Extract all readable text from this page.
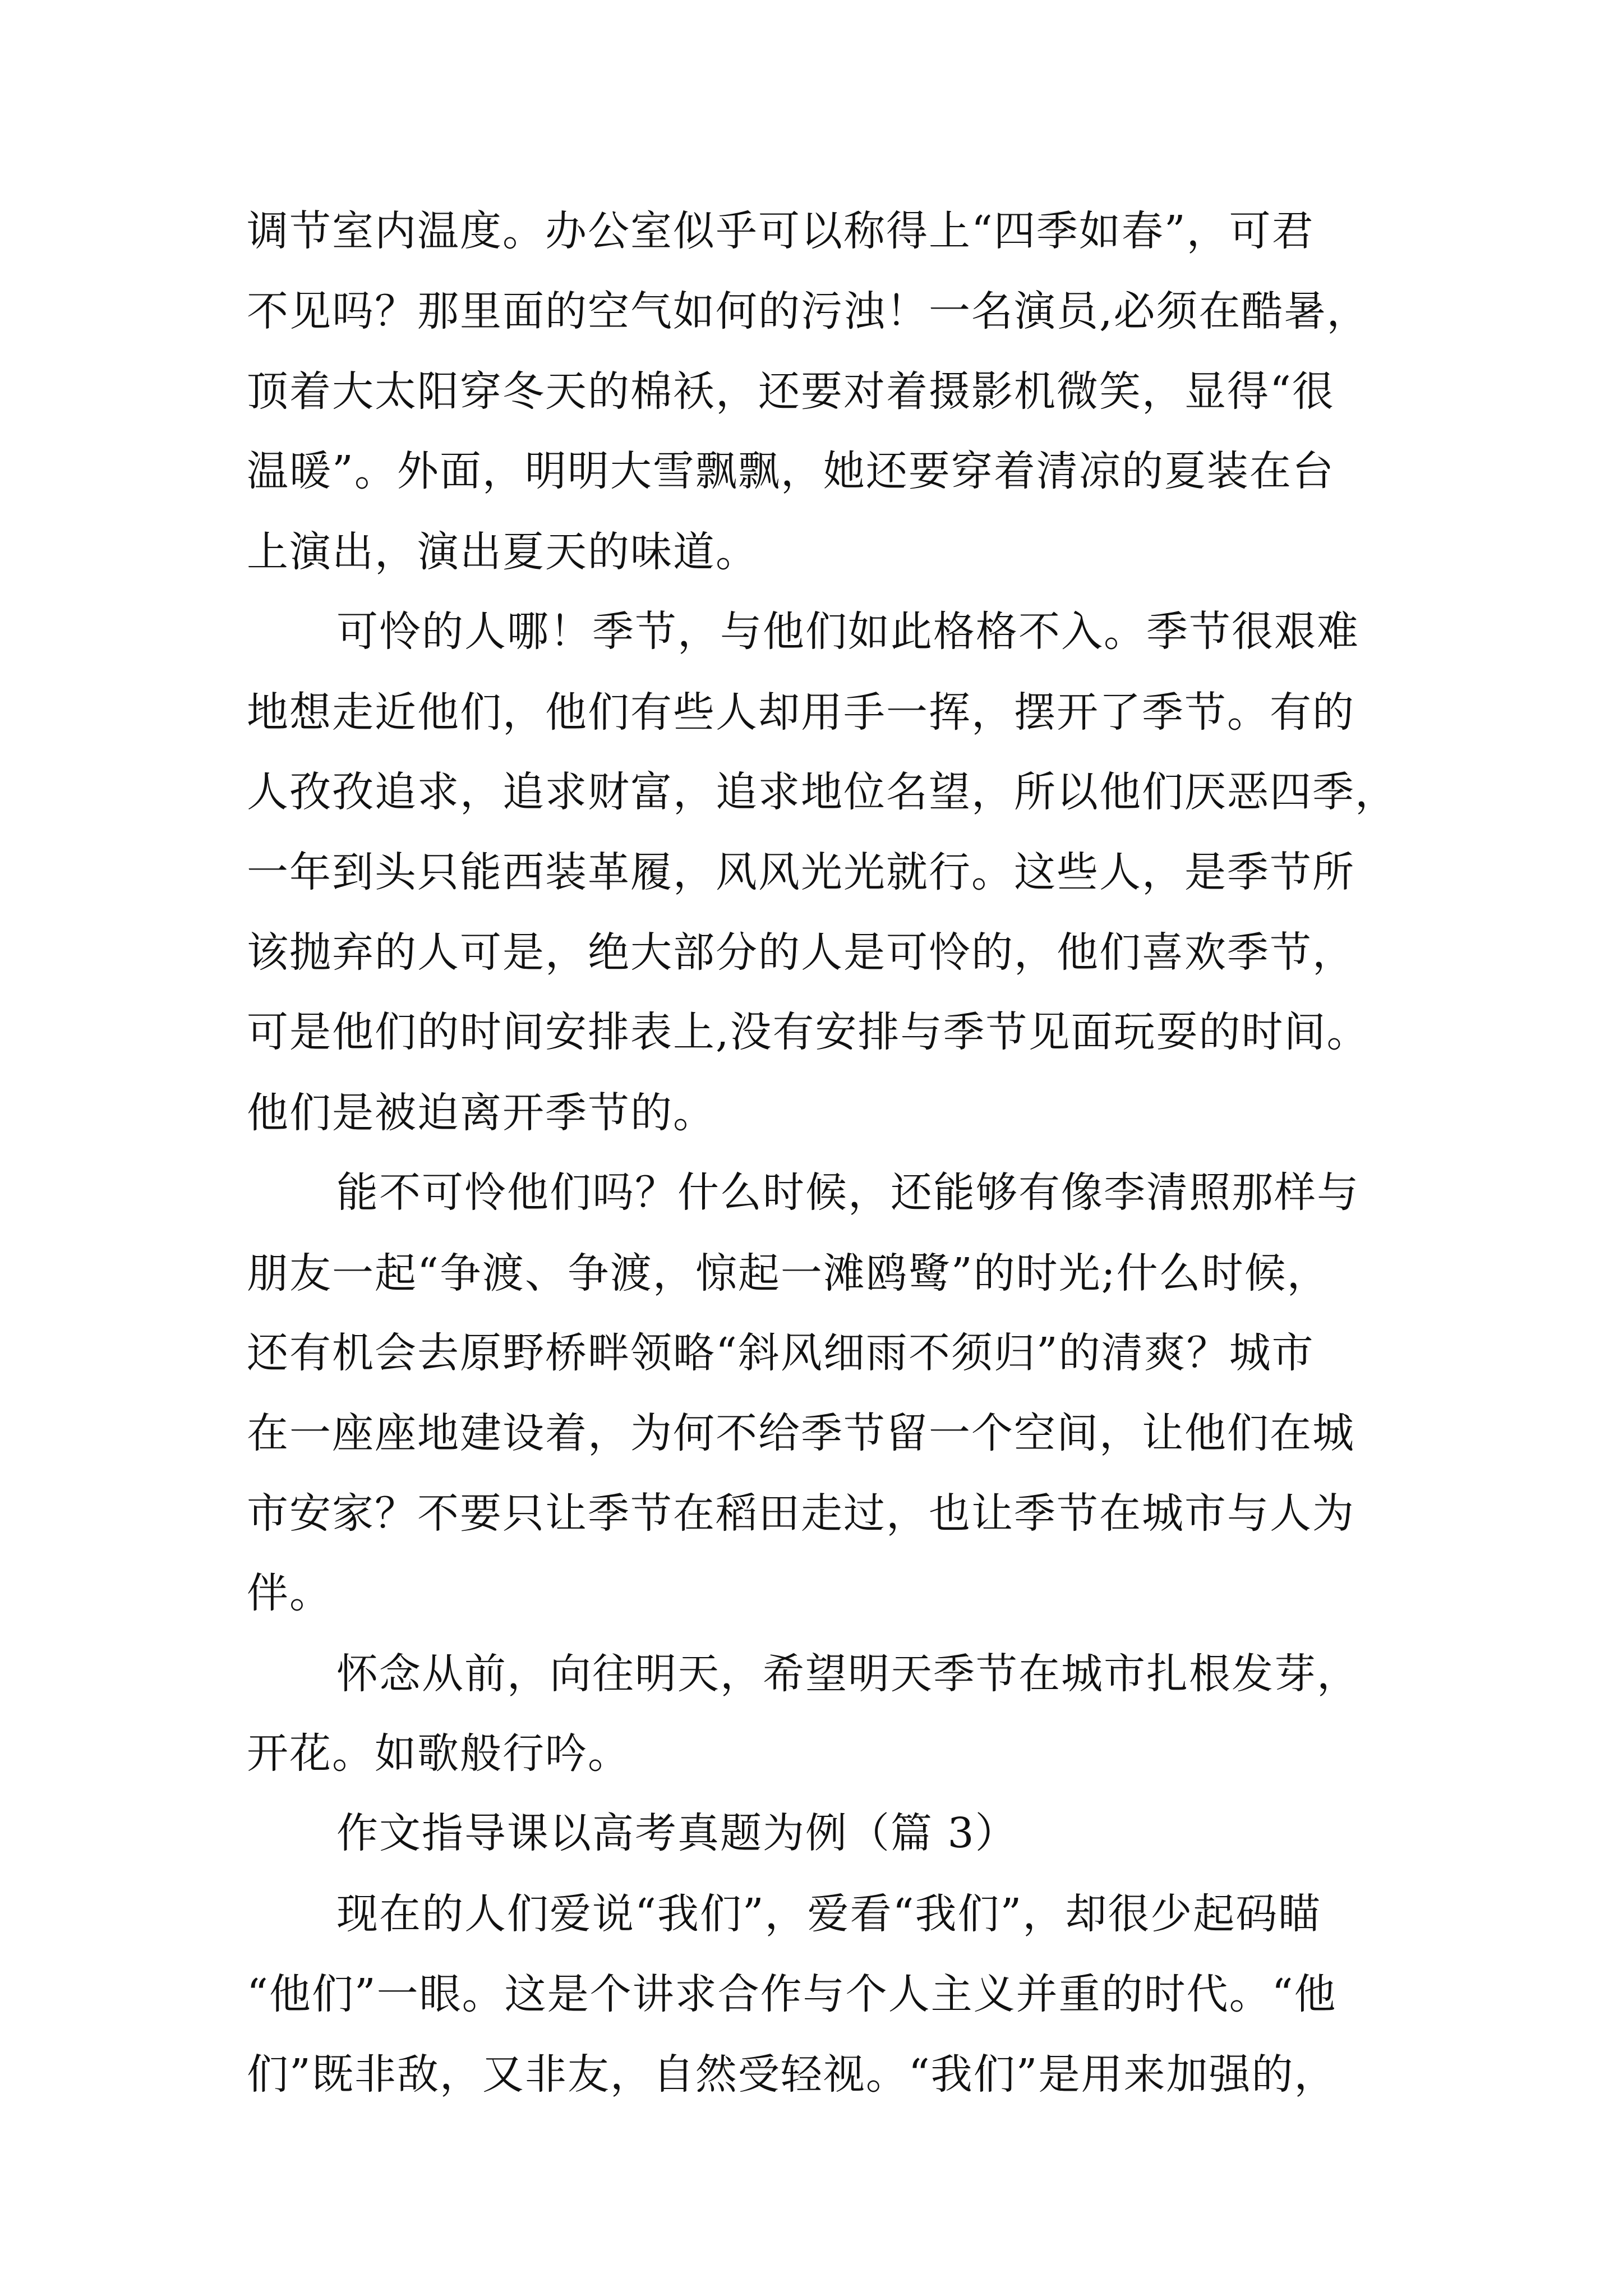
调节室内温度。办公室似乎可以称得上“四季如春”，可君
不见吗？那里面的空气如何的污浊！一名演员,必须在酷暑，
顶着大太阳穿冬天的棉袄，还要对着摄影机微笑，显得“很
温暖”。外面，明明大雪飘飘，她还要穿着清凉的夏装在台
上演出，演出夏天的味道。
可怜的人哪！季节，与他们如此格格不入。季节很艰难
地想走近他们，他们有些人却用手一挥，摆开了季节。有的
人孜孜追求，追求财富，追求地位名望，所以他们厌恶四季，
一年到头只能西装革履，风风光光就行。这些人，是季节所
该抛弃的人可是，绝大部分的人是可怜的，他们喜欢季节，
可是他们的时间安排表上,没有安排与季节见面玩耍的时间。
他们是被迫离开季节的。
能不可怜他们吗？什么时候，还能够有像李清照那样与
朋友一起“争渡、争渡，惊起一滩鸥鹭”的时光;什么时候，
还有机会去原野桥畔领略“斜风细雨不须归”的清爽？城市
在一座座地建设着，为何不给季节留一个空间，让他们在城
市安家？不要只让季节在稻田走过，也让季节在城市与人为
伴。
怀念从前，向往明天，希望明天季节在城市扎根发芽，
开花。如歌般行吟。
作文指导课以高考真题为例（篇 3）
现在的人们爱说“我们”，爱看“我们”，却很少起码瞄
“他们”一眼。这是个讲求合作与个人主义并重的时代。“他
们”既非敌，又非友，自然受轻视。“我们”是用来加强的，
